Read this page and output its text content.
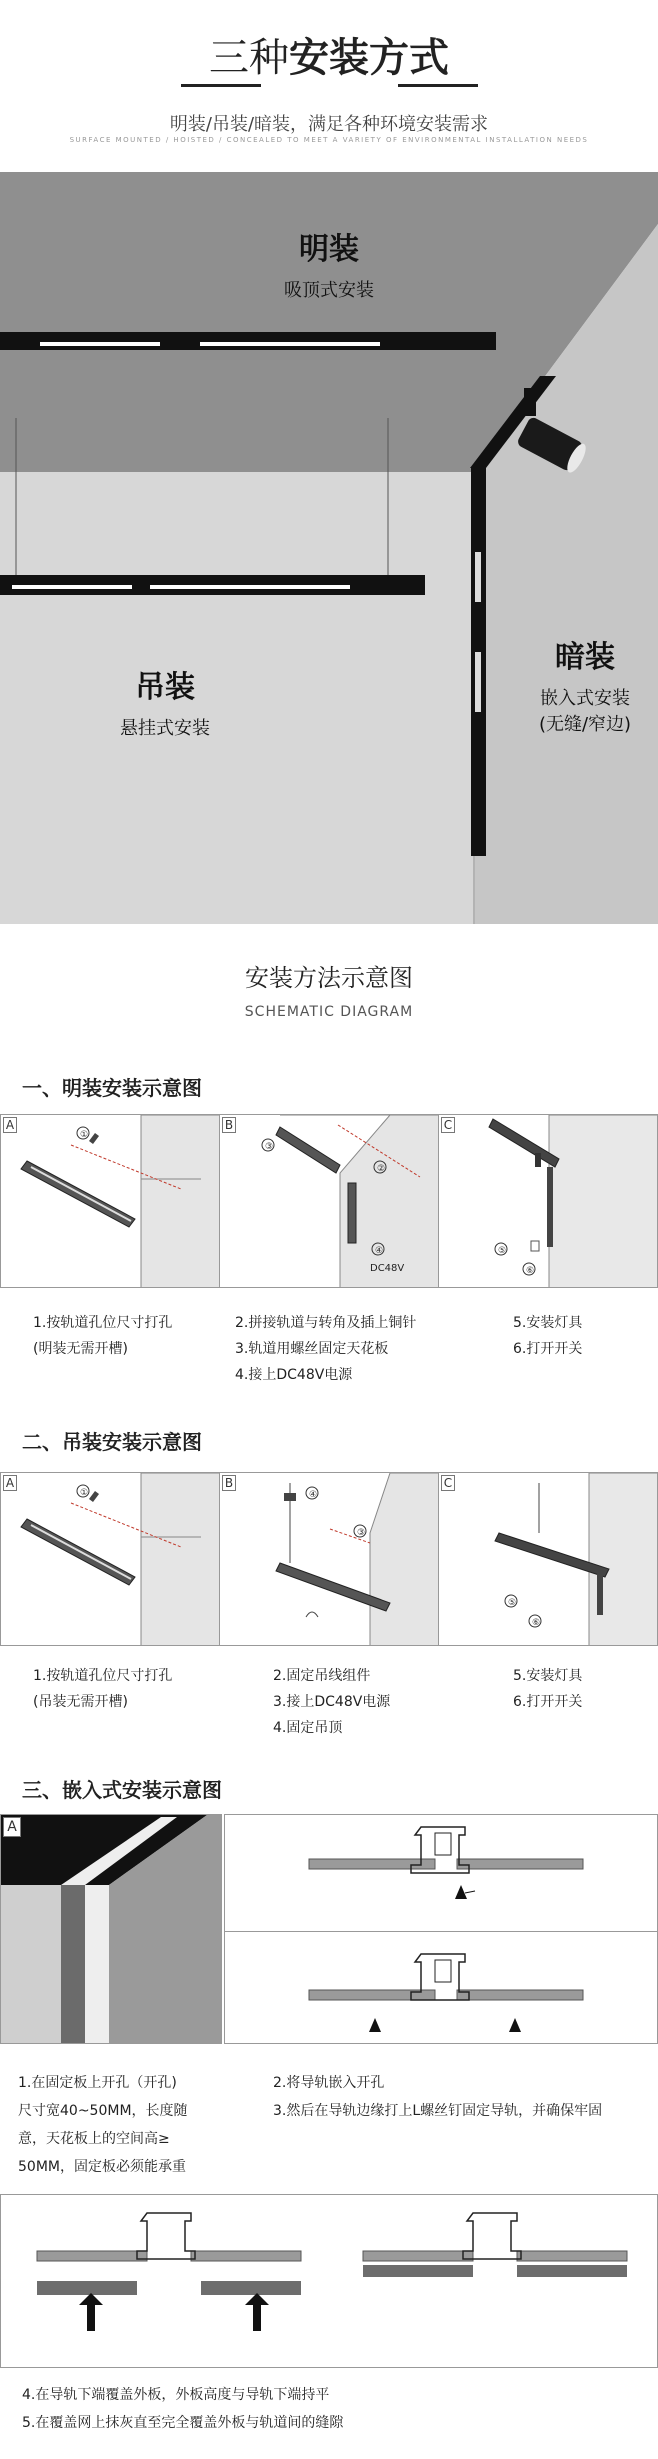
三种安装方式
明装/吊装/暗装，满足各种环境安装需求
SURFACE MOUNTED / HOISTED / CONCEALED TO MEET A VARIETY OF ENVIRONMENTAL INSTALLATION NEEDS
明装
吸顶式安装
吊装
悬挂式安装
暗装
嵌入式安装
(无缝/窄边)
安装方法示意图
SCHEMATIC DIAGRAM
一、明装安装示意图
①
A
③
②
④
DC48V
B
⑤
⑥
C
1.按轨道孔位尺寸打孔
(明装无需开槽)
2.拼接轨道与转角及插上铜针
3.轨道用螺丝固定天花板
4.接上DC48V电源
5.安装灯具
6.打开开关
二、吊装安装示意图
①
A
④
③
B
⑤
⑥
C
1.按轨道孔位尺寸打孔
(吊装无需开槽)
2.固定吊线组件
3.接上DC48V电源
4.固定吊顶
5.安装灯具
6.打开开关
三、嵌入式安装示意图
A
1.在固定板上开孔（开孔)
尺寸宽40~50MM，长度随
意，天花板上的空间高≥
50MM，固定板必须能承重
2.将导轨嵌入开孔
3.然后在导轨边缘打上L螺丝钉固定导轨，并确保牢固
4.在导轨下端覆盖外板，外板高度与导轨下端持平
5.在覆盖网上抹灰直至完全覆盖外板与轨道间的缝隙
